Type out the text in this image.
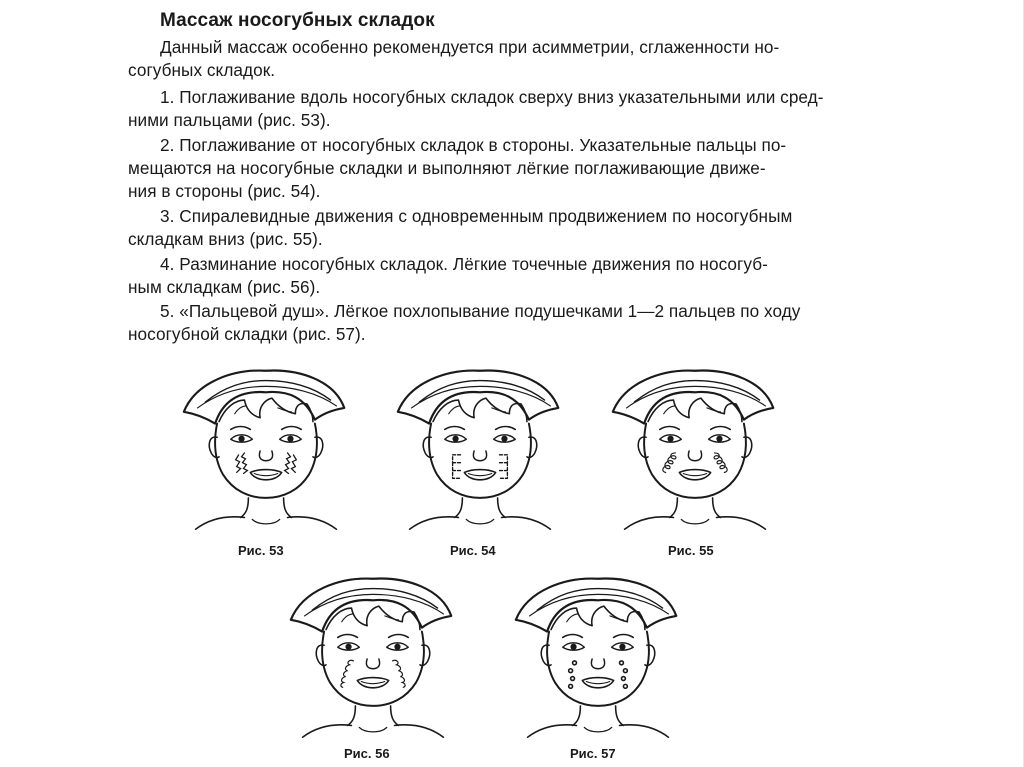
Массаж носогубных складок
Данный массаж особенно рекомендуется при асимметрии, сглаженности но-
согубных складок.
1. Поглаживание вдоль носогубных складок сверху вниз указательными или сред-
ними пальцами (рис. 53).
2. Поглаживание от носогубных складок в стороны. Указательные пальцы по-
мещаются на носогубные складки и выполняют лёгкие поглаживающие движе-
ния в стороны (рис. 54).
3. Спиралевидные движения с одновременным продвижением по носогубным
складкам вниз (рис. 55).
4. Разминание носогубных складок. Лёгкие точечные движения по носогуб-
ным складкам (рис. 56).
5. «Пальцевой душ». Лёгкое похлопывание подушечками 1—2 пальцев по ходу
носогубной складки (рис. 57).
Рис. 53	Рис. 54	Рис. 55
Рис. 56	Рис. 57
